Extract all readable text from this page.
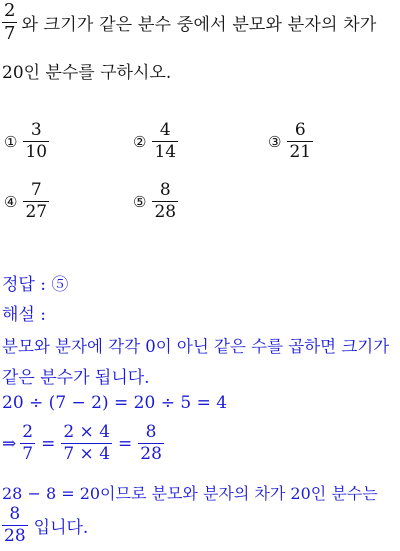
$\frac{2}{7}$ 와 크기가 같은 분수 중에서 분모와 분자의 차가
20인 분수를 구하시오.
① $\frac{3}{10}$	② $\frac{4}{14}$	③ $\frac{6}{21}$
④ $\frac{7}{27}$	⑤ $\frac{8}{28}$
정답 : ⑤
해설 :
분모와 분자에 각각 0이 아닌 같은 수를 곱하면 크기가
같은 분수가 됩니다.
20 ÷ (7 − 2) = 20 ÷ 5 = 4
⇒ $\frac{2}{7} = \frac{2 \times 4}{7 \times 4} = \frac{8}{28}$
28 − 8 = 20이므로 분모와 분자의 차가 20인 분수는
$\frac{8}{28}$ 입니다.
